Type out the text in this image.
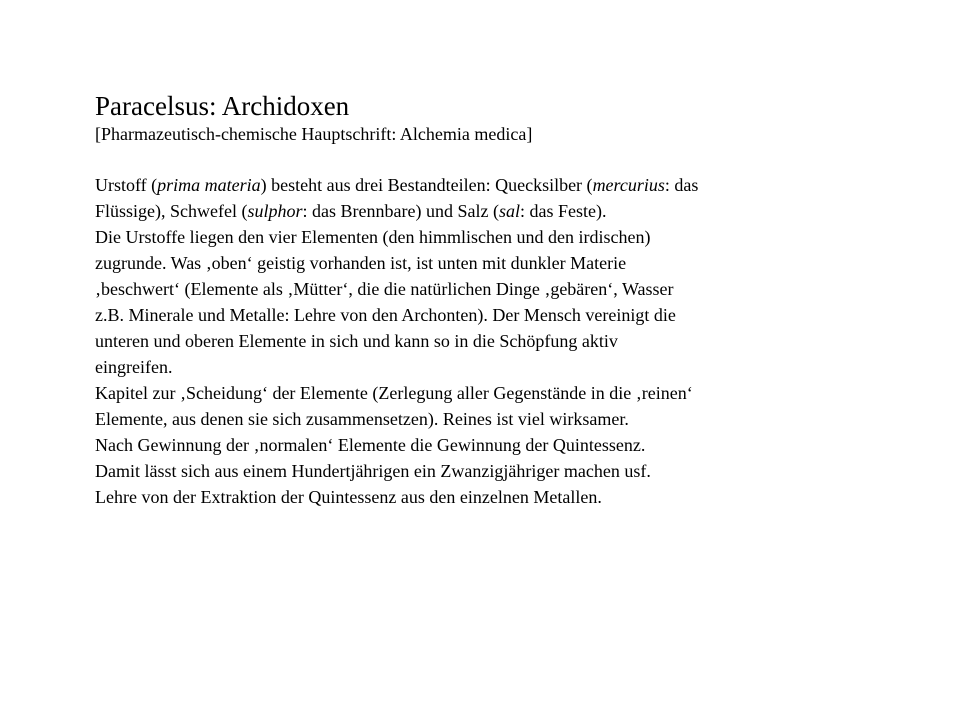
Paracelsus: Archidoxen
[Pharmazeutisch-chemische Hauptschrift: Alchemia medica]

Urstoff (prima materia) besteht aus drei Bestandteilen: Quecksilber (mercurius: das
Flüssige), Schwefel (sulphor: das Brennbare) und Salz (sal: das Feste).

Die Urstoffe liegen den vier Elementen (den himmlischen und den irdischen)
zugrunde. Was ‚oben‘ geistig vorhanden ist, ist unten mit dunkler Materie
‚beschwert‘ (Elemente als ‚Mütter‘, die die natürlichen Dinge ‚gebären‘, Wasser
z.B. Minerale und Metalle: Lehre von den Archonten). Der Mensch vereinigt die
unteren und oberen Elemente in sich und kann so in die Schöpfung aktiv
eingreifen.

Kapitel zur ‚Scheidung‘ der Elemente (Zerlegung aller Gegenstände in die ‚reinen‘
Elemente, aus denen sie sich zusammensetzen). Reines ist viel wirksamer.

Nach Gewinnung der ‚normalen‘ Elemente die Gewinnung der Quintessenz.

Damit lässt sich aus einem Hundertjährigen ein Zwanzigjähriger machen usf.

Lehre von der Extraktion der Quintessenz aus den einzelnen Metallen.
